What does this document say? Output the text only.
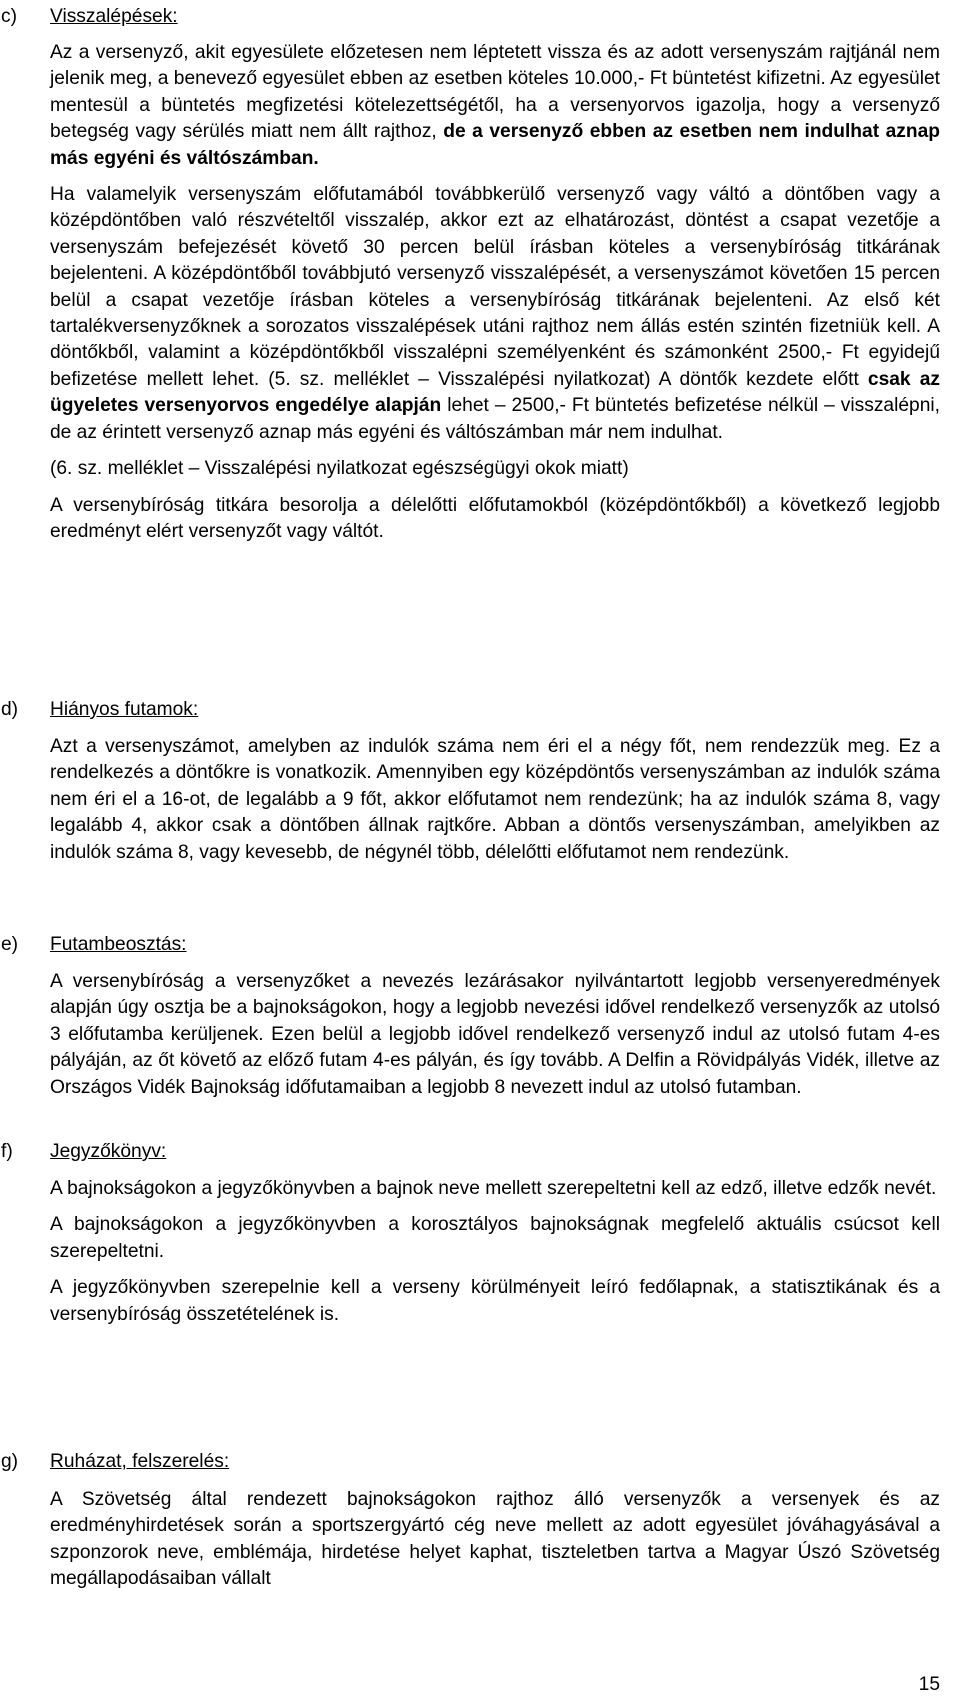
c) Visszalépések:

Az a versenyző, akit egyesülete előzetesen nem léptetett vissza és az adott versenyszám rajtjánál nem jelenik meg, a benevező egyesület ebben az esetben köteles 10.000,- Ft büntetést kifizetni. Az egyesület mentesül a büntetés megfizetési kötelezettségétől, ha a versenyorvos igazolja, hogy a versenyző betegség vagy sérülés miatt nem állt rajthoz, de a versenyző ebben az esetben nem indulhat aznap más egyéni és váltószámban.

Ha valamelyik versenyszám előfutamából továbbkerülő versenyző vagy váltó a döntőben vagy a középdöntőben való részvételtől visszalép, akkor ezt az elhatározást, döntést a csapat vezetője a versenyszám befejezését követő 30 percen belül írásban köteles a versenybíróság titkárának bejelenteni. A középdöntőből továbbjutó versenyző visszalépését, a versenyszámot követően 15 percen belül a csapat vezetője írásban köteles a versenybíróság titkárának bejelenteni. Az első két tartalékversenyzőknek a sorozatos visszalépések utáni rajthoz nem állás estén szintén fizetniük kell. A döntőkből, valamint a középdöntőkből visszalépni személyenként és számonként 2500,- Ft egyidejű befizetése mellett lehet. (5. sz. melléklet – Visszalépési nyilatkozat) A döntők kezdete előtt csak az ügyeletes versenyorvos engedélye alapján lehet – 2500,- Ft büntetés befizetése nélkül – visszalépni, de az érintett versenyző aznap más egyéni és váltószámban már nem indulhat.

(6. sz. melléklet – Visszalépési nyilatkozat egészségügyi okok miatt)

A versenybíróság titkára besorolja a délelőtti előfutamokból (középdöntőkből) a következő legjobb eredményt elért versenyzőt vagy váltót.

d) Hiányos futamok:

Azt a versenyszámot, amelyben az indulók száma nem éri el a négy főt, nem rendezzük meg. Ez a rendelkezés a döntőkre is vonatkozik. Amennyiben egy középdöntős versenyszámban az indulók száma nem éri el a 16-ot, de legalább a 9 főt, akkor előfutamot nem rendezünk; ha az indulók száma 8, vagy legalább 4, akkor csak a döntőben állnak rajtkőre. Abban a döntős versenyszámban, amelyikben az indulók száma 8, vagy kevesebb, de négynél több, délelőtti előfutamot nem rendezünk.

e) Futambeosztás:

A versenybíróság a versenyzőket a nevezés lezárásakor nyilvántartott legjobb versenyeredmények alapján úgy osztja be a bajnokságokon, hogy a legjobb nevezési idővel rendelkező versenyzők az utolsó 3 előfutamba kerüljenek. Ezen belül a legjobb idővel rendelkező versenyző indul az utolsó futam 4-es pályáján, az őt követő az előző futam 4-es pályán, és így tovább. A Delfin a Rövidpályás Vidék, illetve az Országos Vidék Bajnokság időfutamaiban a legjobb 8 nevezett indul az utolsó futamban.

f) Jegyzőkönyv:

A bajnokságokon a jegyzőkönyvben a bajnok neve mellett szerepeltetni kell az edző, illetve edzők nevét.

A bajnokságokon a jegyzőkönyvben a korosztályos bajnokságnak megfelelő aktuális csúcsot kell szerepeltetni.

A jegyzőkönyvben szerepelnie kell a verseny körülményeit leíró fedőlapnak, a statisztikának és a versenybíróság összetételének is.

g) Ruházat, felszerelés:

A Szövetség által rendezett bajnokságokon rajthoz álló versenyzők a versenyek és az eredményhirdetések során a sportszergyártó cég neve mellett az adott egyesület jóváhagyásával a szponzorok neve, emblémája, hirdetése helyet kaphat, tiszteletben tartva a Magyar Úszó Szövetség megállapodásaiban vállalt

15
